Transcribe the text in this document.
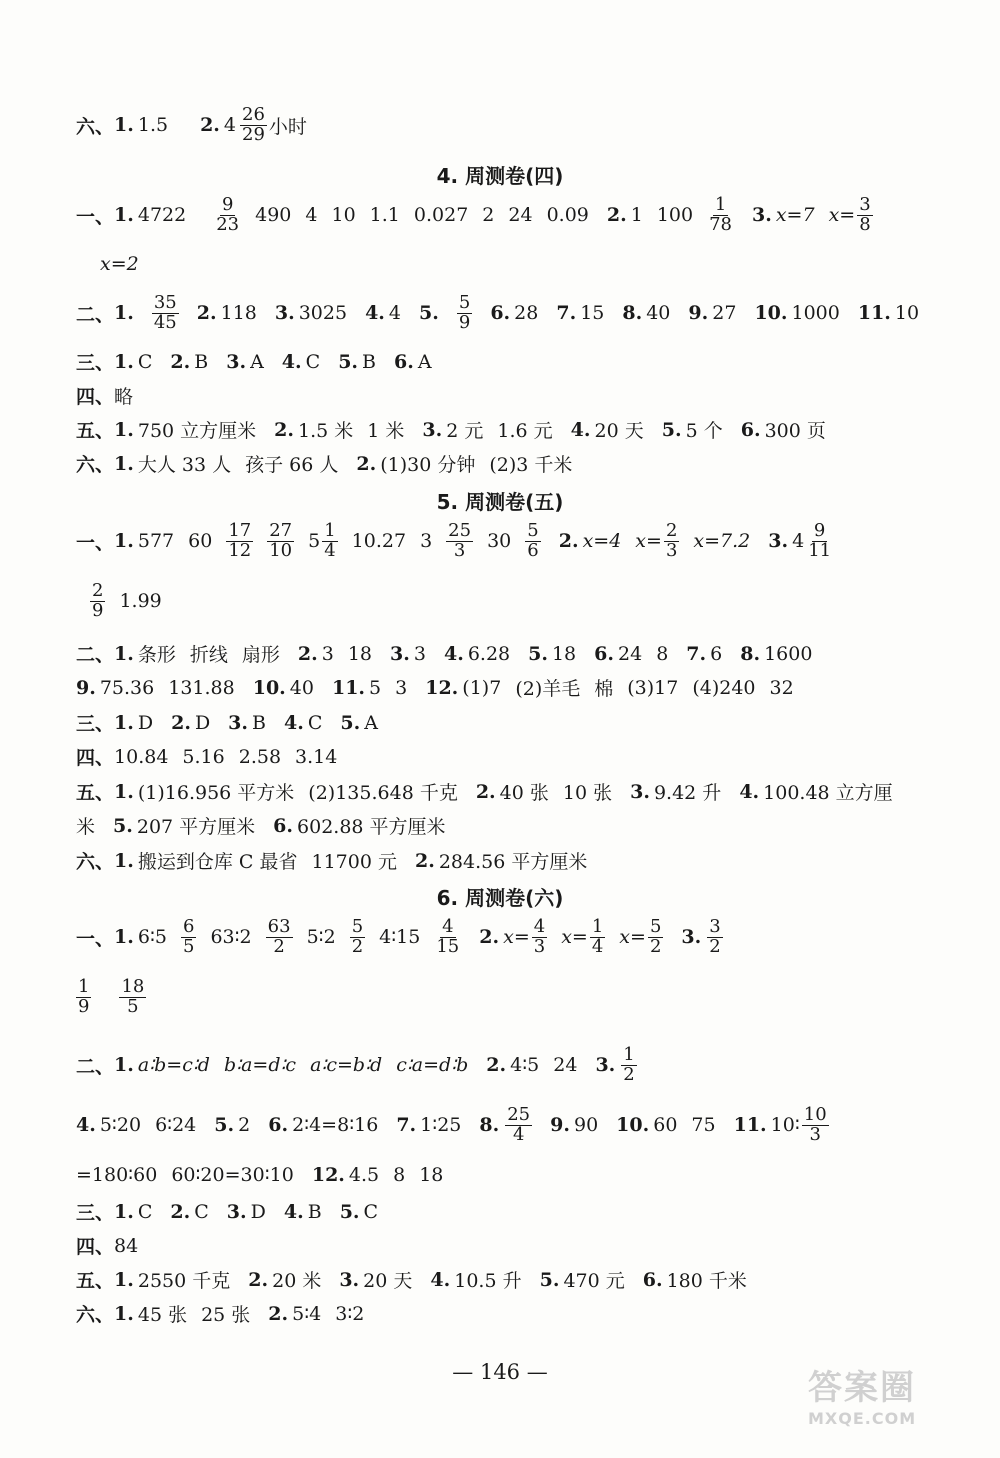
六、 1. 1.5 2. $4 \frac{26}{29}$ 小时
4. 周测卷(四)
一、 1. $4722 \frac{9}{23} 490$ 4 10 1.1 0.027 2 24 0.09 2. 1 $100 \frac{1}{78} 3$. x=7 $x= \frac{3}{8}$
x=2
二、 1. $\frac{35}{45} 2$. 118 3. 3025 4. 4 5. $\frac{5}{9} 6$. 28 7. 15 8. 40 9. 27 10. 1000 11. 10
三、 1. C 2. B 3. A 4. C 5. B 6. A
四、 略
五、 1. 750 立方厘米 2. 1.5 米 1 米 3. 2 元 1.6 元 4. 20 天 5. 5 个 6. 300 页
六、 1. 大人 33 人 孩子 66 人 2. (1)30 分钟 (2)3 千米
5. 周测卷(五)
一、 1. 577 $60 \frac{17}{12} \frac{27}{10} 5 \frac{1}{4} 10.27$ $3 \frac{25}{3} 30 \frac{5}{6} 2$. x=4 $x= \frac{2}{3} x=7.2$ 3. $4 \frac{9}{11}$
$\frac{2}{9} 1.99$
二、 1. 条形 折线 扇形 2. 3 18 3. 3 4. 6.28 5. 18 6. 24 8 7. 6 8. 1600
9. 75.36 131.88 10. 40 11. 5 3 12. (1)7 (2)羊毛 棉 (3)17 (4)240 32
三、 1. D 2. D 3. B 4. C 5. A
四、 10.84 5.16 2.58 3.14
五、 1. (1)16.956 平方米 (2)135.648 千克 2. 40 张 10 张 3. 9.42 升 4. 100.48 立方厘
米 5. 207 平方厘米 6. 602.88 平方厘米
六、 1. 搬运到仓库 C 最省 11700 元 2. 284.56 平方厘米
6. 周测卷(六)
一、 1. 6∶5 $\frac{6}{5}$ 63∶2 $\frac{63}{2}$ 5∶2 $\frac{5}{2}$ 4∶15 $\frac{4}{15} 2$. $x= \frac{4}{3} x= \frac{1}{4} x= \frac{5}{2} 3$. $\frac{3}{2}$
$\frac{1}{9} \frac{18}{5}$
二、 1. a∶b=c∶d b∶a=d∶c a∶c=b∶d c∶a=d∶b 2. 4∶5 24 3. $\frac{1}{2}$
4. 5∶20 6∶24 5. 2 6. 2∶4=8∶16 7. 1∶25 8. $\frac{25}{4} 9$. 90 10. 60 75 11. 10∶ $\frac{10}{3}$
=180∶60 60∶20=30∶10 12. 4.5 8 18
三、 1. C 2. C 3. D 4. B 5. C
四、 84
五、 1. 2550 千克 2. 20 米 3. 20 天 4. 10.5 升 5. 470 元 6. 180 千米
六、 1. 45 张 25 张 2. 5∶4 3∶2
— 146 —	答案圈
MXQE.COM
